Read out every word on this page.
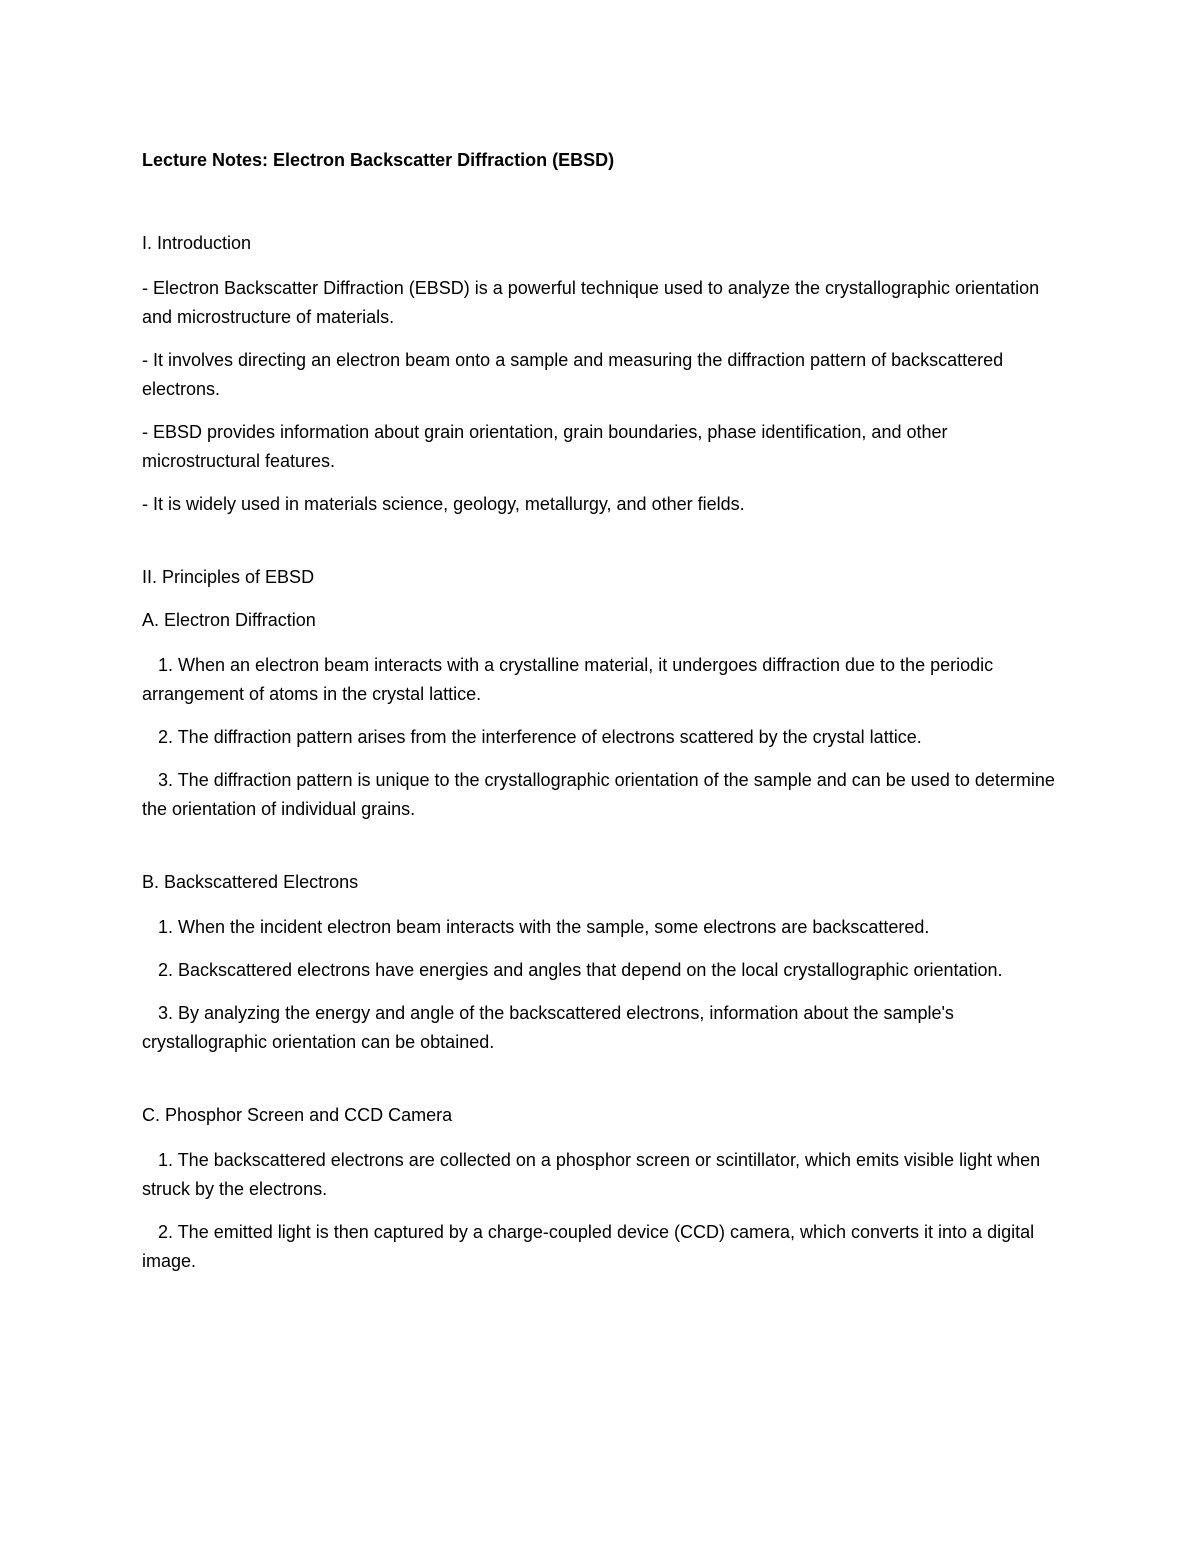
Lecture Notes: Electron Backscatter Diffraction (EBSD)

I. Introduction

- Electron Backscatter Diffraction (EBSD) is a powerful technique used to analyze the crystallographic orientation and microstructure of materials.

- It involves directing an electron beam onto a sample and measuring the diffraction pattern of backscattered electrons.

- EBSD provides information about grain orientation, grain boundaries, phase identification, and other microstructural features.

- It is widely used in materials science, geology, metallurgy, and other fields.

II. Principles of EBSD

A. Electron Diffraction

1. When an electron beam interacts with a crystalline material, it undergoes diffraction due to the periodic arrangement of atoms in the crystal lattice.

2. The diffraction pattern arises from the interference of electrons scattered by the crystal lattice.

3. The diffraction pattern is unique to the crystallographic orientation of the sample and can be used to determine the orientation of individual grains.

B. Backscattered Electrons

1. When the incident electron beam interacts with the sample, some electrons are backscattered.

2. Backscattered electrons have energies and angles that depend on the local crystallographic orientation.

3. By analyzing the energy and angle of the backscattered electrons, information about the sample's crystallographic orientation can be obtained.

C. Phosphor Screen and CCD Camera

1. The backscattered electrons are collected on a phosphor screen or scintillator, which emits visible light when struck by the electrons.

2. The emitted light is then captured by a charge-coupled device (CCD) camera, which converts it into a digital image.
